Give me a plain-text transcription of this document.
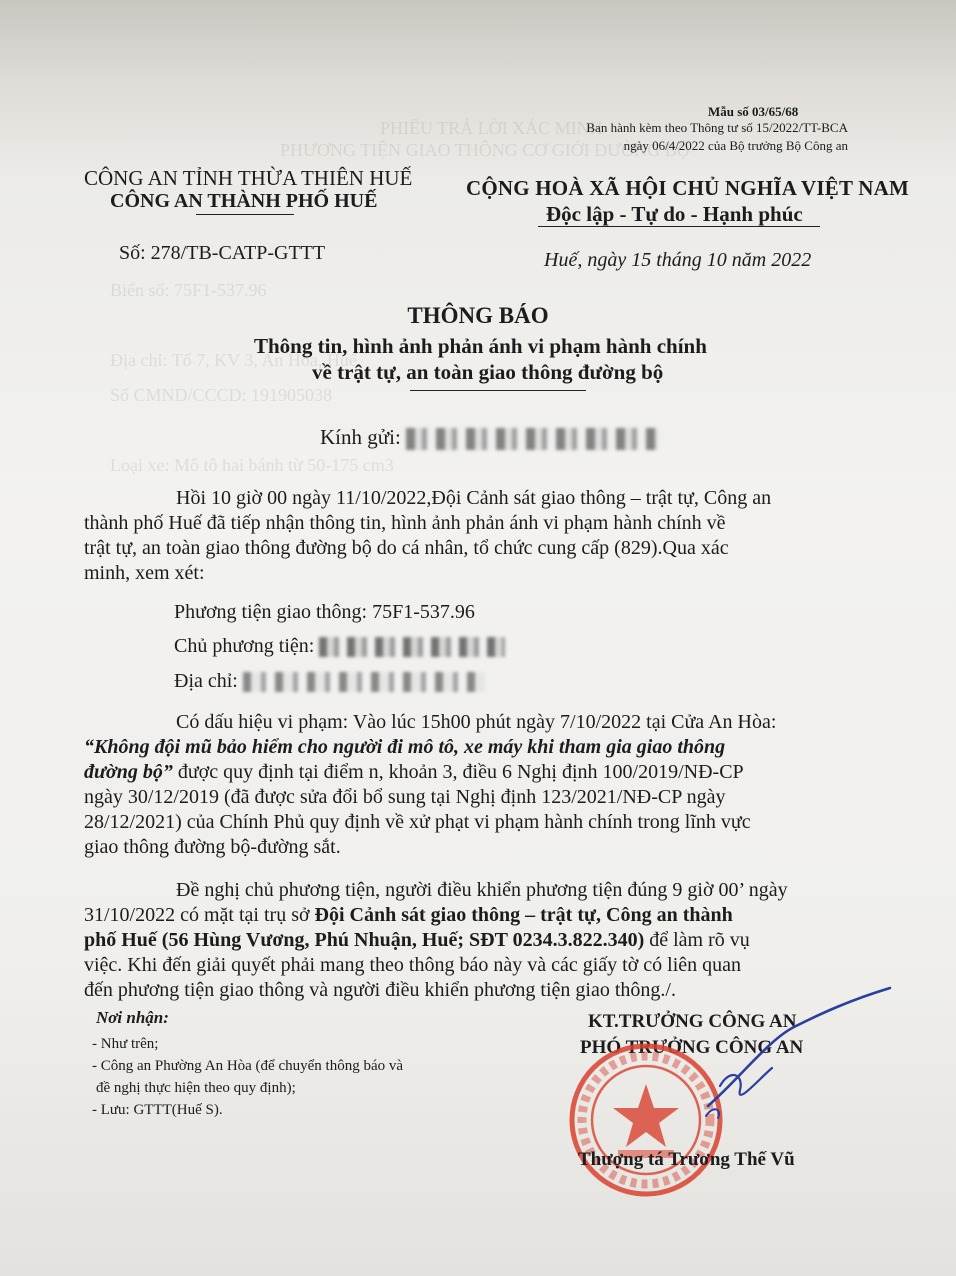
PHIẾU TRẢ LỜI XÁC MINH
PHƯƠNG TIỆN GIAO THÔNG CƠ GIỚI ĐƯỜNG BỘ
Biển số: 75F1-537.96
Địa chỉ: Tổ 7, KV 3, An Hòa, Huế
Số CMND/CCCD: 191905038
Loại xe: Mô tô hai bánh từ 50-175 cm3
Mẫu số 03/65/68
Ban hành kèm theo Thông tư số 15/2022/TT-BCA
ngày 06/4/2022 của Bộ trưởng Bộ Công an
CÔNG AN TỈNH THỪA THIÊN HUẾ
CÔNG AN THÀNH PHỐ HUẾ
CỘNG HOÀ XÃ HỘI CHỦ NGHĨA VIỆT NAM
Độc lập - Tự do - Hạnh phúc
Số: 278/TB-CATP-GTTT	Huế, ngày 15 tháng 10 năm 2022
THÔNG BÁO
Thông tin, hình ảnh phản ánh vi phạm hành chính
về trật tự, an toàn giao thông đường bộ
Kính gửi:
Hồi 10 giờ 00 ngày 11/10/2022,Đội Cảnh sát giao thông – trật tự, Công an
thành phố Huế đã tiếp nhận thông tin, hình ảnh phản ánh vi phạm hành chính về
trật tự, an toàn giao thông đường bộ do cá nhân, tổ chức cung cấp (829).Qua xác
minh, xem xét:
Phương tiện giao thông: 75F1-537.96
Chủ phương tiện:
Địa chỉ:
Có dấu hiệu vi phạm: Vào lúc 15h00 phút ngày 7/10/2022 tại Cửa An Hòa:
“Không đội mũ bảo hiểm cho người đi mô tô, xe máy khi tham gia giao thông
đường bộ” được quy định tại điểm n, khoản 3, điều 6 Nghị định 100/2019/NĐ-CP
ngày 30/12/2019 (đã được sửa đổi bổ sung tại Nghị định 123/2021/NĐ-CP ngày
28/12/2021) của Chính Phủ quy định về xử phạt vi phạm hành chính trong lĩnh vực
giao thông đường bộ-đường sắt.
Đề nghị chủ phương tiện, người điều khiển phương tiện đúng 9 giờ 00’ ngày
31/10/2022 có mặt tại trụ sở Đội Cảnh sát giao thông – trật tự, Công an thành
phố Huế (56 Hùng Vương, Phú Nhuận, Huế; SĐT 0234.3.822.340) để làm rõ vụ
việc. Khi đến giải quyết phải mang theo thông báo này và các giấy tờ có liên quan
đến phương tiện giao thông và người điều khiển phương tiện giao thông./.
Nơi nhận:
- Như trên;
- Công an Phường An Hòa (để chuyển thông báo và
đề nghị thực hiện theo quy định);
- Lưu: GTTT(Huế S).
KT.TRƯỞNG CÔNG AN
PHÓ TRƯỞNG CÔNG AN
Thượng tá Trương Thế Vũ
